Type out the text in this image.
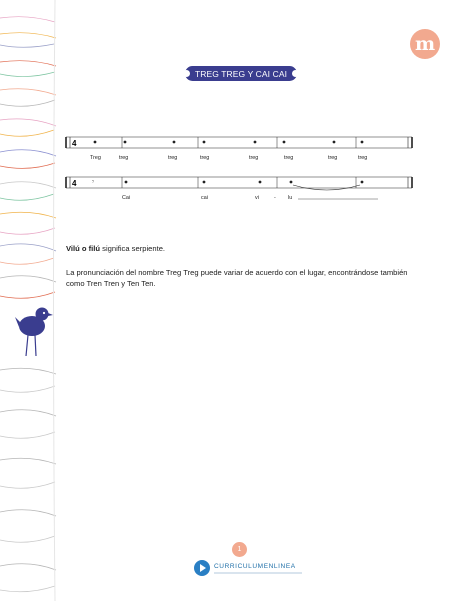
m
TREG TREG Y CAI CAI
4
Treg	treg	treg	treg	treg	treg	treg	treg
4 𝄾
Cai	cai	vi	- lu

Vilú o filú significa serpiente.

La pronunciación del nombre Treg Treg puede variar de acuerdo con el lugar, encontrándose también como Tren Tren y Ten Ten.

1
CURRICULUMENLINEA
